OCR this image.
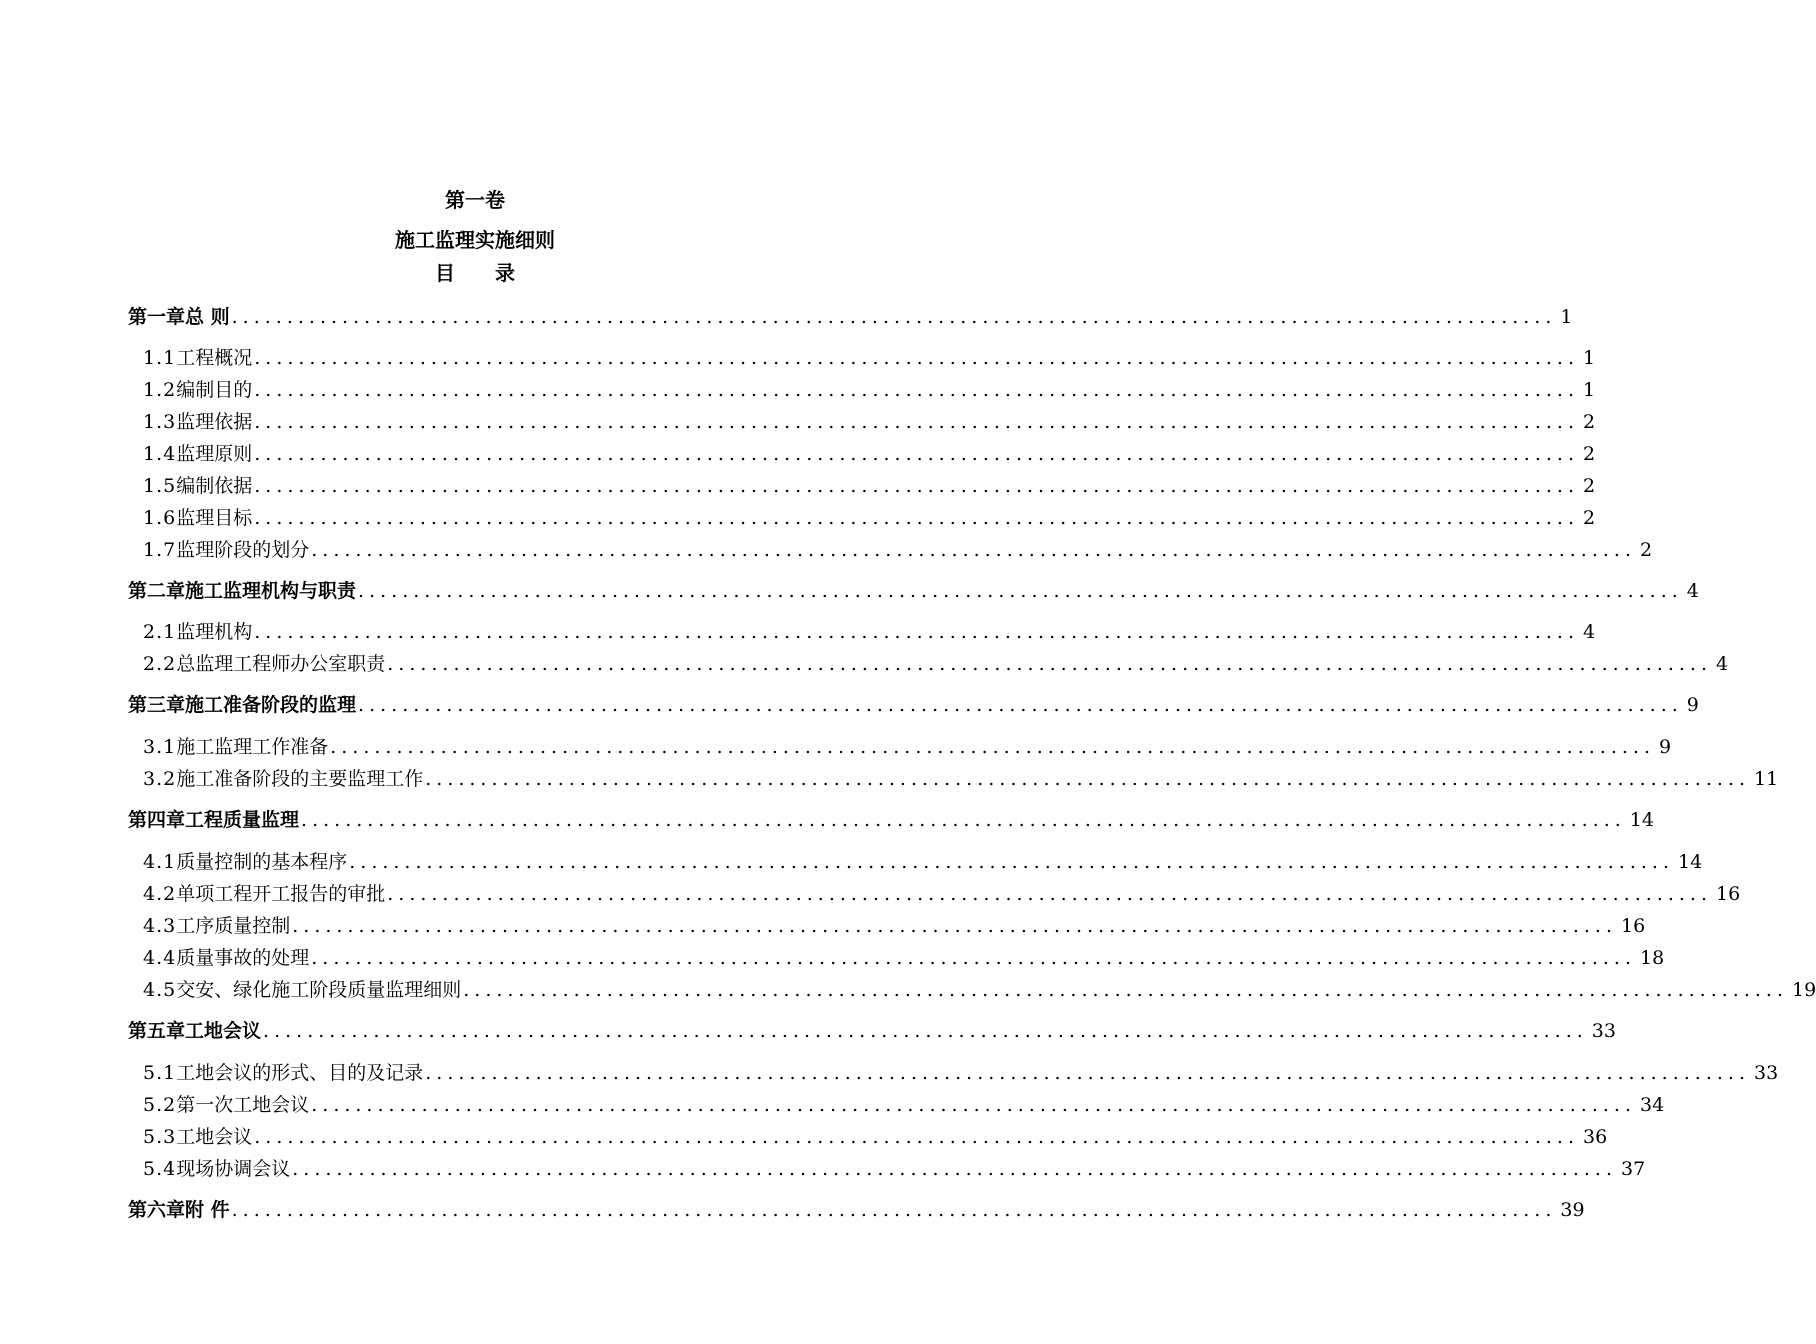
第一卷
施工监理实施细则
目　　录
第一章 总 则 ........................................................................................................................ 1
1.1 工程概况 ........................................................................................................................ 1
1.2 编制目的 ........................................................................................................................ 1
1.3 监理依据 ........................................................................................................................ 2
1.4 监理原则 ........................................................................................................................ 2
1.5 编制依据 ........................................................................................................................ 2
1.6 监理目标 ........................................................................................................................ 2
1.7 监理阶段的划分 ........................................................................................................................ 2
第二章 施工监理机构与职责 ........................................................................................................................ 4
2.1 监理机构 ........................................................................................................................ 4
2.2 总监理工程师办公室职责 ........................................................................................................................ 4
第三章 施工准备阶段的监理 ........................................................................................................................ 9
3.1 施工监理工作准备 ........................................................................................................................ 9
3.2 施工准备阶段的主要监理工作 ........................................................................................................................ 11
第四章 工程质量监理 ........................................................................................................................ 14
4.1 质量控制的基本程序 ........................................................................................................................ 14
4.2 单项工程开工报告的审批 ........................................................................................................................ 16
4.3 工序质量控制 ........................................................................................................................ 16
4.4 质量事故的处理 ........................................................................................................................ 18
4.5 交安、绿化施工阶段质量监理细则 ........................................................................................................................ 19
第五章 工地会议 ........................................................................................................................ 33
5.1 工地会议的形式、目的及记录 ........................................................................................................................ 33
5.2 第一次工地会议 ........................................................................................................................ 34
5.3 工地会议 ........................................................................................................................ 36
5.4 现场协调会议 ........................................................................................................................ 37
第六章 附 件 ........................................................................................................................ 39
